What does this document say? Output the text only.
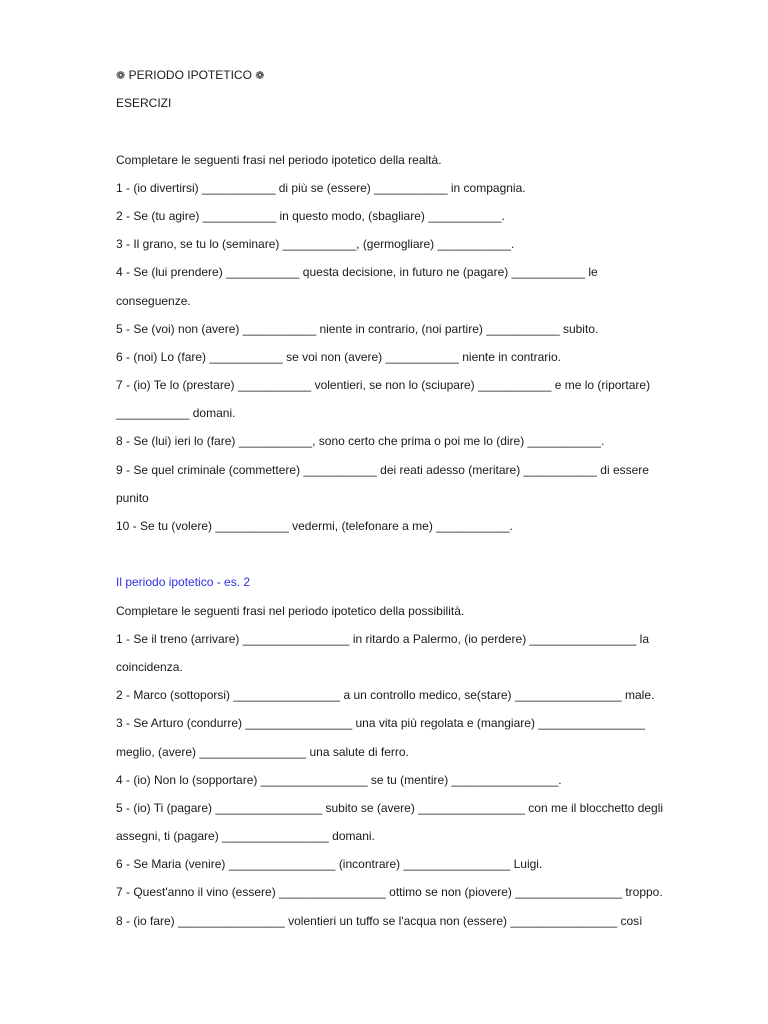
❁ PERIODO IPOTETICO ❁
ESERCIZI
Completare le seguenti frasi nel periodo ipotetico della realtà.
1 - (io divertirsi) ___________ di più se (essere) ___________ in compagnia.
2 - Se (tu agire) ___________ in questo modo, (sbagliare) ___________.
3 - Il grano, se tu lo (seminare) ___________, (germogliare) ___________.
4 - Se (lui prendere) ___________ questa decisione, in futuro ne (pagare) ___________ le
conseguenze.
5 - Se (voi) non (avere) ___________ niente in contrario, (noi partire) ___________ subito.
6 - (noi) Lo (fare) ___________ se voi non (avere) ___________ niente in contrario.
7 - (io) Te lo (prestare) ___________ volentieri, se non lo (sciupare) ___________ e me lo (riportare)
___________ domani.
8 - Se (lui) ieri lo (fare) ___________, sono certo che prima o poi me lo (dire) ___________.
9 - Se quel criminale (commettere) ___________ dei reati adesso (meritare) ___________ di essere
punito
10 - Se tu (volere) ___________ vedermi, (telefonare a me) ___________.
Il periodo ipotetico - es. 2
Completare le seguenti frasi nel periodo ipotetico della possibilità.
1 - Se il treno (arrivare) ________________ in ritardo a Palermo, (io perdere) ________________ la
coincidenza.
2 - Marco (sottoporsi) ________________ a un controllo medico, se(stare) ________________ male.
3 - Se Arturo (condurre) ________________ una vita più regolata e (mangiare) ________________
meglio, (avere) ________________ una salute di ferro.
4 - (io) Non lo (sopportare) ________________ se tu (mentire) ________________.
5 - (io) Ti (pagare) ________________ subito se (avere) ________________ con me il blocchetto degli
assegni, ti (pagare) ________________ domani.
6 - Se Maria (venire) ________________ (incontrare) ________________ Luigi.
7 - Quest'anno il vino (essere) ________________ ottimo se non (piovere) ________________ troppo.
8 - (io fare) ________________ volentieri un tuffo se l'acqua non (essere) ________________ così
